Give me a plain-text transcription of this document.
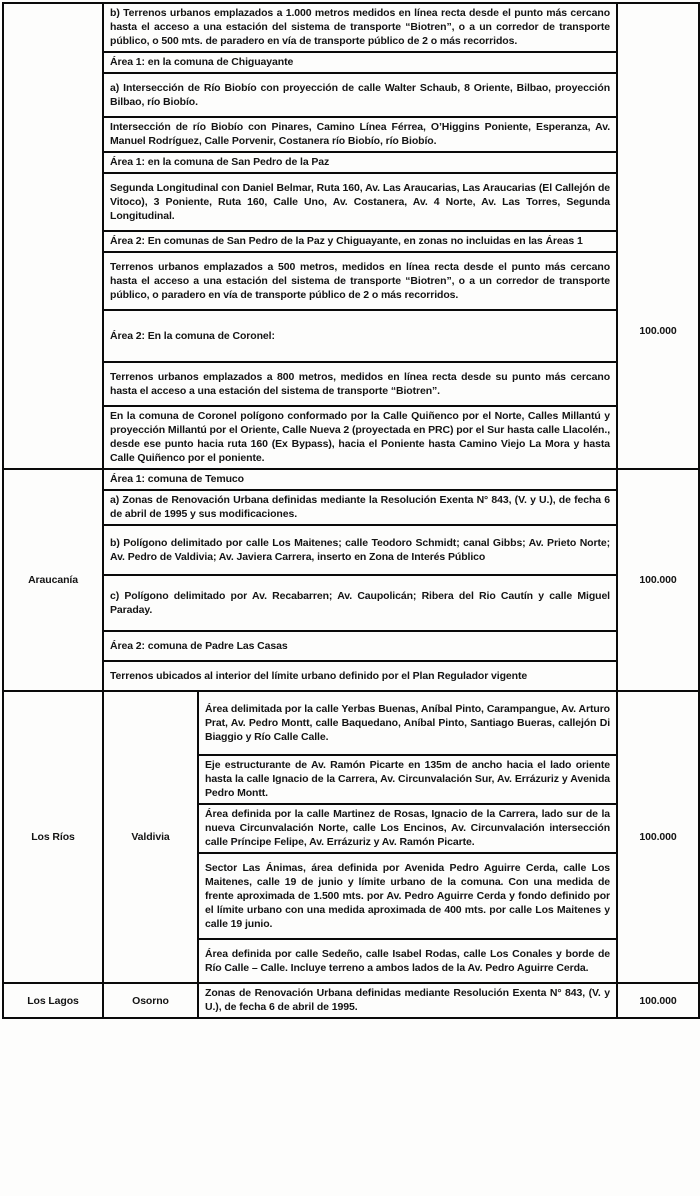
	b) Terrenos urbanos emplazados a 1.000 metros medidos en línea recta desde el punto más cercano hasta el acceso a una estación del sistema de transporte “Biotren”, o a un corredor de transporte público, o 500 mts. de paradero en vía de transporte público de 2 o más recorridos.		100.000
	Área 1: en la comuna de Chiguayante		
	a) Intersección de Río Biobío con proyección de calle Walter Schaub, 8 Oriente, Bilbao, proyección Bilbao, río Biobío.		
	Intersección de río Biobío con Pinares, Camino Línea Férrea, O’Higgins Poniente, Esperanza, Av. Manuel Rodríguez, Calle Porvenir, Costanera río Biobío, río Biobío.		
	Área 1: en la comuna de San Pedro de la Paz		
	Segunda Longitudinal con Daniel Belmar, Ruta 160, Av. Las Araucarias, Las Araucarias (El Callejón de Vitoco), 3 Poniente, Ruta 160, Calle Uno, Av. Costanera, Av. 4 Norte, Av. Las Torres, Segunda Longitudinal.		
	Área 2: En comunas de San Pedro de la Paz y Chiguayante, en zonas no incluidas en las Áreas 1		
	Terrenos urbanos emplazados a 500 metros, medidos en línea recta desde el punto más cercano hasta el acceso a una estación del sistema de transporte “Biotren”, o a un corredor de transporte público, o paradero en vía de transporte público de 2 o más recorridos.		
	Área 2: En la comuna de Coronel:		
	Terrenos urbanos emplazados a 800 metros, medidos en línea recta desde su punto más cercano hasta el acceso a una estación del sistema de transporte “Biotren”.		
	En la comuna de Coronel polígono conformado por la Calle Quiñenco por el Norte, Calles Millantú y proyección Millantú por el Oriente, Calle Nueva 2 (proyectada en PRC) por el Sur hasta calle Llacolén., desde ese punto hacia ruta 160 (Ex Bypass), hacia el Poniente hasta Camino Viejo La Mora y hasta Calle Quiñenco por el poniente.		
Araucanía	Área 1: comuna de Temuco		100.000
	a) Zonas de Renovación Urbana definidas mediante la Resolución Exenta N° 843, (V. y U.), de fecha 6 de abril de 1995 y sus modificaciones.		
	b) Polígono delimitado por calle Los Maitenes; calle Teodoro Schmidt; canal Gibbs; Av. Prieto Norte; Av. Pedro de Valdivia; Av. Javiera Carrera, inserto en Zona de Interés Público		
	c) Polígono delimitado por Av. Recabarren; Av. Caupolicán; Ribera del Rio Cautín y calle Miguel Paraday.		
	Área 2: comuna de Padre Las Casas		
	Terrenos ubicados al interior del límite urbano definido por el Plan Regulador vigente		
Los Ríos	Valdivia	Área delimitada por la calle Yerbas Buenas, Aníbal Pinto, Carampangue, Av. Arturo Prat, Av. Pedro Montt, calle Baquedano, Aníbal Pinto, Santiago Bueras, callejón Di Biaggio y Río Calle Calle.	100.000
		Eje estructurante de Av. Ramón Picarte en 135m de ancho hacia el lado oriente hasta la calle Ignacio de la Carrera, Av. Circunvalación Sur, Av. Errázuriz y Avenida Pedro Montt.	
		Área definida por la calle Martinez de Rosas, Ignacio de la Carrera, lado sur de la nueva Circunvalación Norte, calle Los Encinos, Av. Circunvalación intersección calle Príncipe Felipe, Av. Errázuriz y Av. Ramón Picarte.	
		Sector Las Ánimas, área definida por Avenida Pedro Aguirre Cerda, calle Los Maitenes, calle 19 de junio y límite urbano de la comuna. Con una medida de frente aproximada de 1.500 mts. por Av. Pedro Aguirre Cerda y fondo definido por el límite urbano con una medida aproximada de 400 mts. por calle Los Maitenes y calle 19 junio.	
		Área definida por calle Sedeño, calle Isabel Rodas, calle Los Conales y borde de Río Calle – Calle. Incluye terreno a ambos lados de la Av. Pedro Aguirre Cerda.	
Los Lagos	Osorno	Zonas de Renovación Urbana definidas mediante Resolución Exenta N° 843, (V. y U.), de fecha 6 de abril de 1995.	100.000
